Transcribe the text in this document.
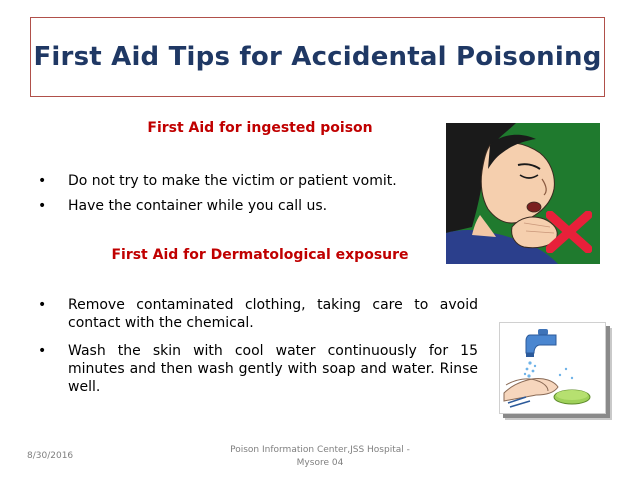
First Aid Tips for Accidental Poisoning
First Aid for ingested poison
•	Do not try to make the victim or patient vomit.
•	Have the container while you call us.
First Aid for Dermatological exposure
•	Remove contaminated clothing, taking care to avoid contact with the chemical.
•	Wash the skin with cool water continuously for 15 minutes and then wash gently with soap and water. Rinse well.
8/30/2016
Poison Information Center,JSS Hospital -
Mysore 04
